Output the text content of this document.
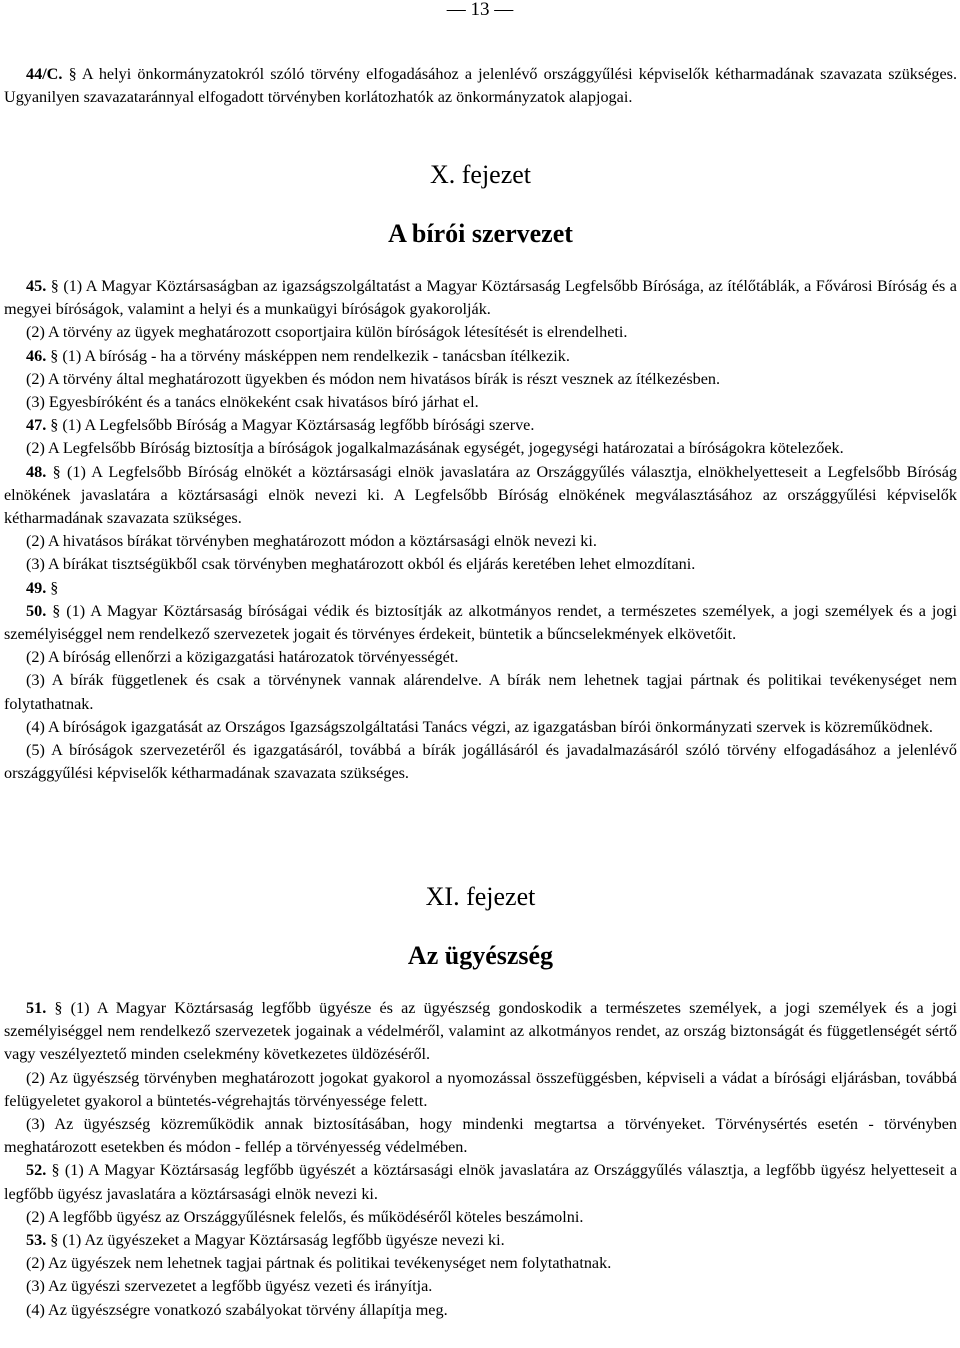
— 13 —

44/C. § A helyi önkormányzatokról szóló törvény elfogadásához a jelenlévő országgyűlési képviselők kétharmadának szavazata szükséges. Ugyanilyen szavazataránnyal elfogadott törvényben korlátozhatók az önkormányzatok alapjogai.

X. fejezet

A bírói szervezet

45. § (1) A Magyar Köztársaságban az igazságszolgáltatást a Magyar Köztársaság Legfelsőbb Bírósága, az ítélőtáblák, a Fővárosi Bíróság és a megyei bíróságok, valamint a helyi és a munkaügyi bíróságok gyakorolják.

(2) A törvény az ügyek meghatározott csoportjaira külön bíróságok létesítését is elrendelheti.

46. § (1) A bíróság - ha a törvény másképpen nem rendelkezik - tanácsban ítélkezik.

(2) A törvény által meghatározott ügyekben és módon nem hivatásos bírák is részt vesznek az ítélkezésben.

(3) Egyesbíróként és a tanács elnökeként csak hivatásos bíró járhat el.

47. § (1) A Legfelsőbb Bíróság a Magyar Köztársaság legfőbb bírósági szerve.

(2) A Legfelsőbb Bíróság biztosítja a bíróságok jogalkalmazásának egységét, jogegységi határozatai a bíróságokra kötelezőek.

48. § (1) A Legfelsőbb Bíróság elnökét a köztársasági elnök javaslatára az Országgyűlés választja, elnökhelyetteseit a Legfelsőbb Bíróság elnökének javaslatára a köztársasági elnök nevezi ki. A Legfelsőbb Bíróság elnökének megválasztásához az országgyűlési képviselők kétharmadának szavazata szükséges.

(2) A hivatásos bírákat törvényben meghatározott módon a köztársasági elnök nevezi ki.

(3) A bírákat tisztségükből csak törvényben meghatározott okból és eljárás keretében lehet elmozdítani.

49. §

50. § (1) A Magyar Köztársaság bíróságai védik és biztosítják az alkotmányos rendet, a természetes személyek, a jogi személyek és a jogi személyiséggel nem rendelkező szervezetek jogait és törvényes érdekeit, büntetik a bűncselekmények elkövetőit.

(2) A bíróság ellenőrzi a közigazgatási határozatok törvényességét.

(3) A bírák függetlenek és csak a törvénynek vannak alárendelve. A bírák nem lehetnek tagjai pártnak és politikai tevékenységet nem folytathatnak.

(4) A bíróságok igazgatását az Országos Igazságszolgáltatási Tanács végzi, az igazgatásban bírói önkormányzati szervek is közreműködnek.

(5) A bíróságok szervezetéről és igazgatásáról, továbbá a bírák jogállásáról és javadalmazásáról szóló törvény elfogadásához a jelenlévő országgyűlési képviselők kétharmadának szavazata szükséges.

XI. fejezet

Az ügyészség

51. § (1) A Magyar Köztársaság legfőbb ügyésze és az ügyészség gondoskodik a természetes személyek, a jogi személyek és a jogi személyiséggel nem rendelkező szervezetek jogainak a védelméről, valamint az alkotmányos rendet, az ország biztonságát és függetlenségét sértő vagy veszélyeztető minden cselekmény következetes üldözéséről.

(2) Az ügyészség törvényben meghatározott jogokat gyakorol a nyomozással összefüggésben, képviseli a vádat a bírósági eljárásban, továbbá felügyeletet gyakorol a büntetés-végrehajtás törvényessége felett.

(3) Az ügyészség közreműködik annak biztosításában, hogy mindenki megtartsa a törvényeket. Törvénysértés esetén - törvényben meghatározott esetekben és módon - fellép a törvényesség védelmében.

52. § (1) A Magyar Köztársaság legfőbb ügyészét a köztársasági elnök javaslatára az Országgyűlés választja, a legfőbb ügyész helyetteseit a legfőbb ügyész javaslatára a köztársasági elnök nevezi ki.

(2) A legfőbb ügyész az Országgyűlésnek felelős, és működéséről köteles beszámolni.

53. § (1) Az ügyészeket a Magyar Köztársaság legfőbb ügyésze nevezi ki.

(2) Az ügyészek nem lehetnek tagjai pártnak és politikai tevékenységet nem folytathatnak.

(3) Az ügyészi szervezetet a legfőbb ügyész vezeti és irányítja.

(4) Az ügyészségre vonatkozó szabályokat törvény állapítja meg.
